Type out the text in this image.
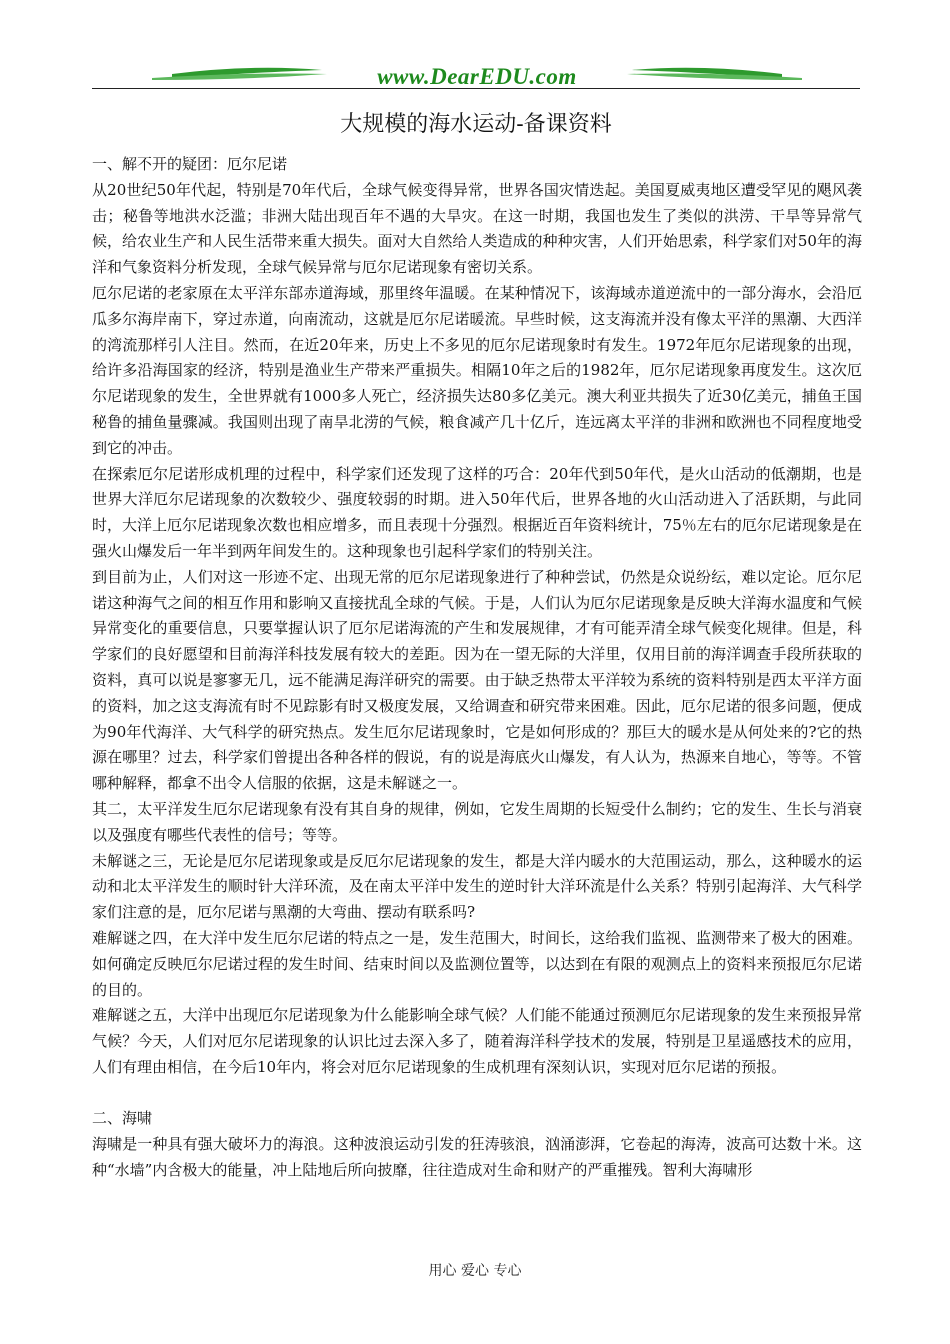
www.DearEDU.com
大规模的海水运动-备课资料

一、解不开的疑团：厄尔尼诺

从20世纪50年代起，特别是70年代后，全球气候变得异常，世界各国灾情迭起。美国夏威夷地区遭受罕见的飓风袭击；秘鲁等地洪水泛滥；非洲大陆出现百年不遇的大旱灾。在这一时期，我国也发生了类似的洪涝、干旱等异常气候，给农业生产和人民生活带来重大损失。面对大自然给人类造成的种种灾害，人们开始思索，科学家们对50年的海洋和气象资料分析发现，全球气候异常与厄尔尼诺现象有密切关系。

厄尔尼诺的老家原在太平洋东部赤道海域，那里终年温暖。在某种情况下，该海域赤道逆流中的一部分海水，会沿厄瓜多尔海岸南下，穿过赤道，向南流动，这就是厄尔尼诺暖流。早些时候，这支海流并没有像太平洋的黑潮、大西洋的湾流那样引人注目。然而，在近20年来，历史上不多见的厄尔尼诺现象时有发生。1972年厄尔尼诺现象的出现，给许多沿海国家的经济，特别是渔业生产带来严重损失。相隔10年之后的1982年，厄尔尼诺现象再度发生。这次厄尔尼诺现象的发生，全世界就有1000多人死亡，经济损失达80多亿美元。澳大利亚共损失了近30亿美元，捕鱼王国秘鲁的捕鱼量骤减。我国则出现了南旱北涝的气候，粮食减产几十亿斤，连远离太平洋的非洲和欧洲也不同程度地受到它的冲击。

在探索厄尔尼诺形成机理的过程中，科学家们还发现了这样的巧合：20年代到50年代，是火山活动的低潮期，也是世界大洋厄尔尼诺现象的次数较少、强度较弱的时期。进入50年代后，世界各地的火山活动进入了活跃期，与此同时，大洋上厄尔尼诺现象次数也相应增多，而且表现十分强烈。根据近百年资料统计，75％左右的厄尔尼诺现象是在强火山爆发后一年半到两年间发生的。这种现象也引起科学家们的特别关注。

到目前为止，人们对这一形迹不定、出现无常的厄尔尼诺现象进行了种种尝试，仍然是众说纷纭，难以定论。厄尔尼诺这种海气之间的相互作用和影响又直接扰乱全球的气候。于是，人们认为厄尔尼诺现象是反映大洋海水温度和气候异常变化的重要信息，只要掌握认识了厄尔尼诺海流的产生和发展规律，才有可能弄清全球气候变化规律。但是，科学家们的良好愿望和目前海洋科技发展有较大的差距。因为在一望无际的大洋里，仅用目前的海洋调查手段所获取的资料，真可以说是寥寥无几，远不能满足海洋研究的需要。由于缺乏热带太平洋较为系统的资料特别是西太平洋方面的资料，加之这支海流有时不见踪影有时又极度发展，又给调查和研究带来困难。因此，厄尔尼诺的很多问题，便成为90年代海洋、大气科学的研究热点。发生厄尔尼诺现象时，它是如何形成的？那巨大的暖水是从何处来的?它的热源在哪里？过去，科学家们曾提出各种各样的假说，有的说是海底火山爆发，有人认为，热源来自地心，等等。不管哪种解释，都拿不出令人信服的依据，这是未解谜之一。

其二，太平洋发生厄尔尼诺现象有没有其自身的规律，例如，它发生周期的长短受什么制约；它的发生、生长与消衰以及强度有哪些代表性的信号；等等。

未解谜之三，无论是厄尔尼诺现象或是反厄尔尼诺现象的发生，都是大洋内暖水的大范围运动，那么，这种暖水的运动和北太平洋发生的顺时针大洋环流，及在南太平洋中发生的逆时针大洋环流是什么关系？特别引起海洋、大气科学家们注意的是，厄尔尼诺与黑潮的大弯曲、摆动有联系吗?

难解谜之四，在大洋中发生厄尔尼诺的特点之一是，发生范围大，时间长，这给我们监视、监测带来了极大的困难。如何确定反映厄尔尼诺过程的发生时间、结束时间以及监测位置等，以达到在有限的观测点上的资料来预报厄尔尼诺的目的。

难解谜之五，大洋中出现厄尔尼诺现象为什么能影响全球气候？人们能不能通过预测厄尔尼诺现象的发生来预报异常气候？今天，人们对厄尔尼诺现象的认识比过去深入多了，随着海洋科学技术的发展，特别是卫星遥感技术的应用，人们有理由相信，在今后10年内，将会对厄尔尼诺现象的生成机理有深刻认识，实现对厄尔尼诺的预报。

二、海啸

海啸是一种具有强大破坏力的海浪。这种波浪运动引发的狂涛骇浪，汹涌澎湃，它卷起的海涛，波高可达数十米。这种“水墙”内含极大的能量，冲上陆地后所向披靡，往往造成对生命和财产的严重摧残。智利大海啸形

用心 爱心 专心
